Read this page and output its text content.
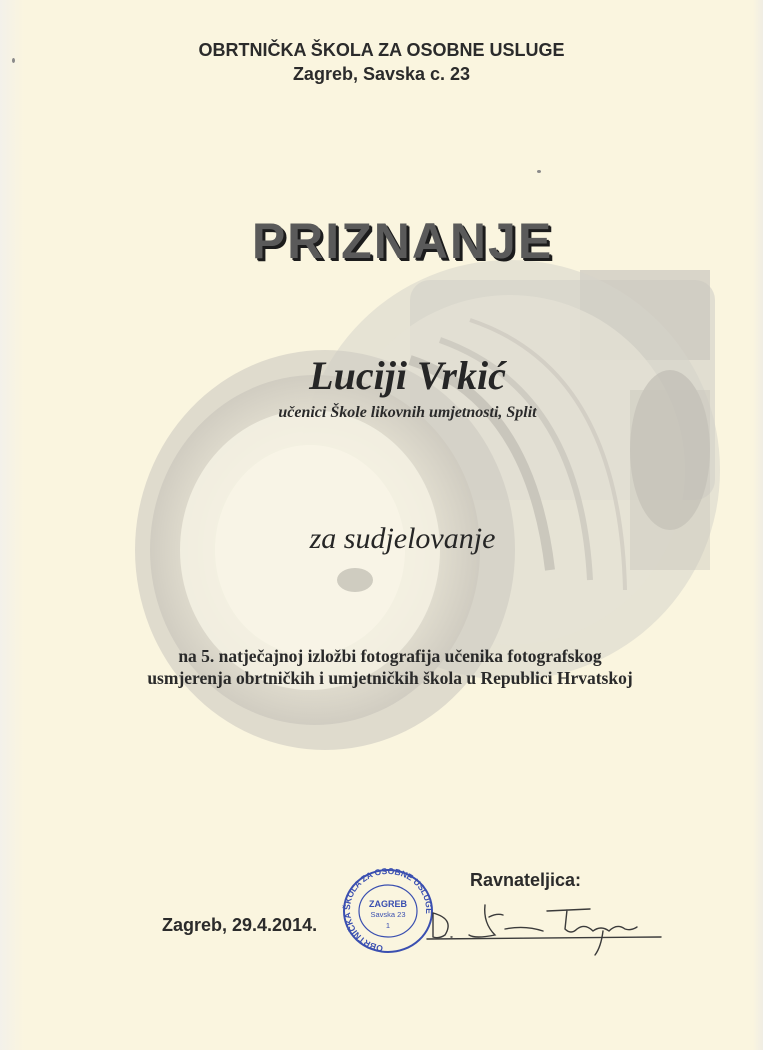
OBRTNIČKA ŠKOLA ZA OSOBNE USLUGE
Zagreb, Savska c. 23
PRIZNANJE
Luciji Vrkić
učenici Škole likovnih umjetnosti, Split
za sudjelovanje
na 5. natječajnoj izložbi fotografija učenika fotografskog
usmjerenja obrtničkih i umjetničkih škola u Republici Hrvatskoj
Ravnateljica:
Zagreb, 29.4.2014.
OBRTNIČKA ŠKOLA ZA OSOBNE USLUGE
ZAGREB
Savska 23
1
